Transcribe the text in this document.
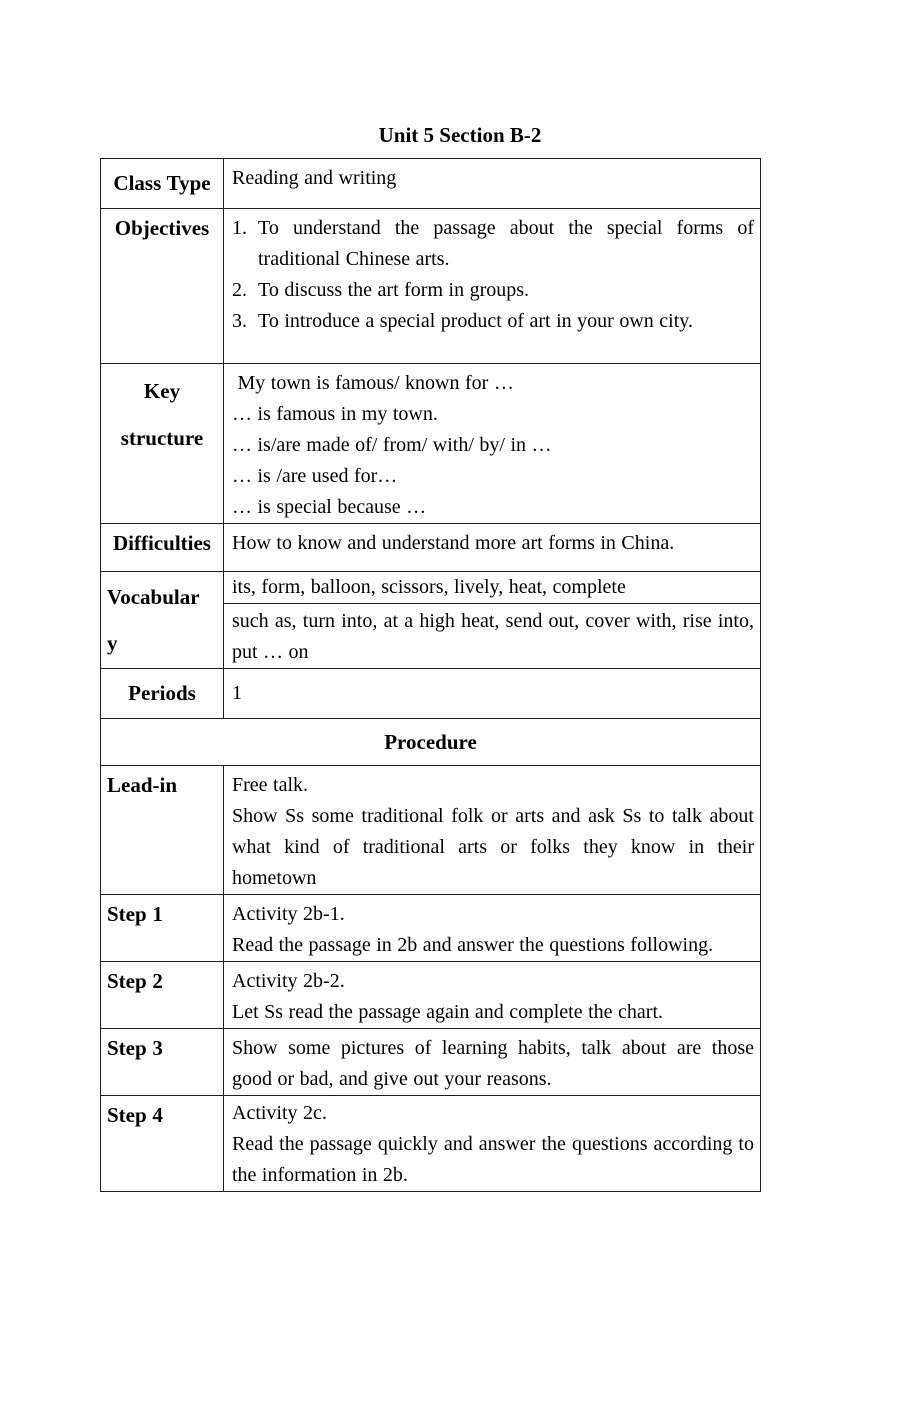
Unit 5 Section B-2
Class Type	Reading and writing
Objectives	1. To understand the passage about the special forms of traditional Chinese arts.
2. To discuss the art form in groups.
3. To introduce a special product of art in your own city.

Key structure	My town is famous/ known for …
… is famous in my town.
… is/are made of/ from/ with/ by/ in …
… is /are used for…
… is special because …

Difficulties	How to know and understand more art forms in China.
Vocabulary	its, form, balloon, scissors, lively, heat, complete
	such as, turn into, at a high heat, send out, cover with, rise into, put … on
Periods	1
Procedure	
Lead-in	Free talk.
Show Ss some traditional folk or arts and ask Ss to talk about what kind of traditional arts or folks they know in their hometown

Step 1	Activity 2b-1.
Read the passage in 2b and answer the questions following.

Step 2	Activity 2b-2.
Let Ss read the passage again and complete the chart.

Step 3	Show some pictures of learning habits, talk about are those good or bad, and give out your reasons.

Step 4	Activity 2c.
Read the passage quickly and answer the questions according to the information in 2b.
